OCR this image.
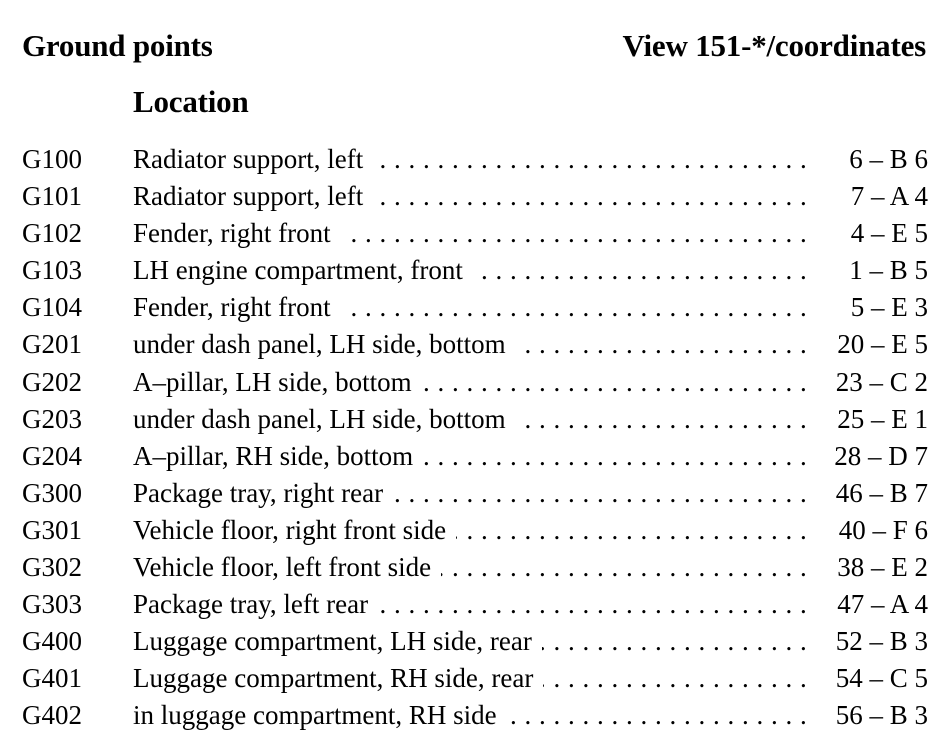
Ground points	View 151-*/coordinates
Location
G100 Radiator support, left . . .	6 – B 6
G101 Radiator support, left . . .	7 – A 4
G102 Fender, right front . . .	4 – E 5
G103 LH engine compartment, front . . .	1 – B 5
G104 Fender, right front . . .	5 – E 3
G201 under dash panel, LH side, bottom . . .	20 – E 5
G202 A–pillar, LH side, bottom . . .	23 – C 2
G203 under dash panel, LH side, bottom . . .	25 – E 1
G204 A–pillar, RH side, bottom . . .	28 – D 7
G300 Package tray, right rear . . .	46 – B 7
G301 Vehicle floor, right front side . . .	40 – F 6
G302 Vehicle floor, left front side . . .	38 – E 2
G303 Package tray, left rear . . .	47 – A 4
G400 Luggage compartment, LH side, rear . . .	52 – B 3
G401 Luggage compartment, RH side, rear . . .	54 – C 5
G402 in luggage compartment, RH side . . .	56 – B 3
